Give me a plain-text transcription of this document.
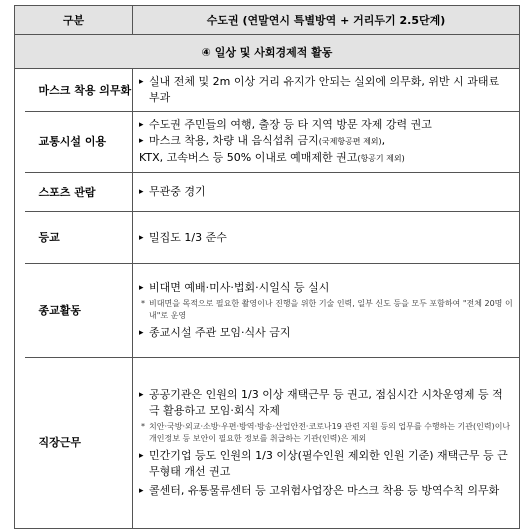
구분		수도권 (연말연시 특별방역 + 거리두기 2.5단계)
④ 일상 및 사회경제적 활동		
	마스크 착용 의무화	▸ 실내 전체 및 2m 이상 거리 유지가 안되는 실외에 의무화, 위반 시 과태료 부과

	교통시설 이용	▸ 수도권 주민들의 여행, 출장 등 타 지역 방문 자제 강력 권고
▸ 마스크 착용, 차량 내 음식섭취 금지(국제항공편 제외),
KTX, 고속버스 등 50% 이내로 예매제한 권고(항공기 제외)

	스포츠 관람	▸ 무관중 경기

	등교	▸ 밀집도 1/3 준수

	종교활동	▸ 비대면 예배·미사·법회·시일식 등 실시
* 비대면을 목적으로 필요한 촬영이나 진행을 위한 기술 인력, 일부 신도 등을 모두 포함하여 "전체 20명 이내"로 운영
▸ 종교시설 주관 모임·식사 금지

	직장근무	▸ 공공기관은 인원의 1/3 이상 재택근무 등 권고, 점심시간 시차운영제 등 적극 활용하고 모임·회식 자제
* 치안·국방·외교·소방·우편·방역·방송·산업안전·코로나19 관련 지원 등의 업무를 수행하는 기관(인력)이나 개인정보 등 보안이 필요한 정보를 취급하는 기관(인력)은 제외
▸ 민간기업 등도 인원의 1/3 이상(필수인원 제외한 인원 기준) 재택근무 등 근무형태 개선 권고
▸ 콜센터, 유통물류센터 등 고위험사업장은 마스크 착용 등 방역수칙 의무화
